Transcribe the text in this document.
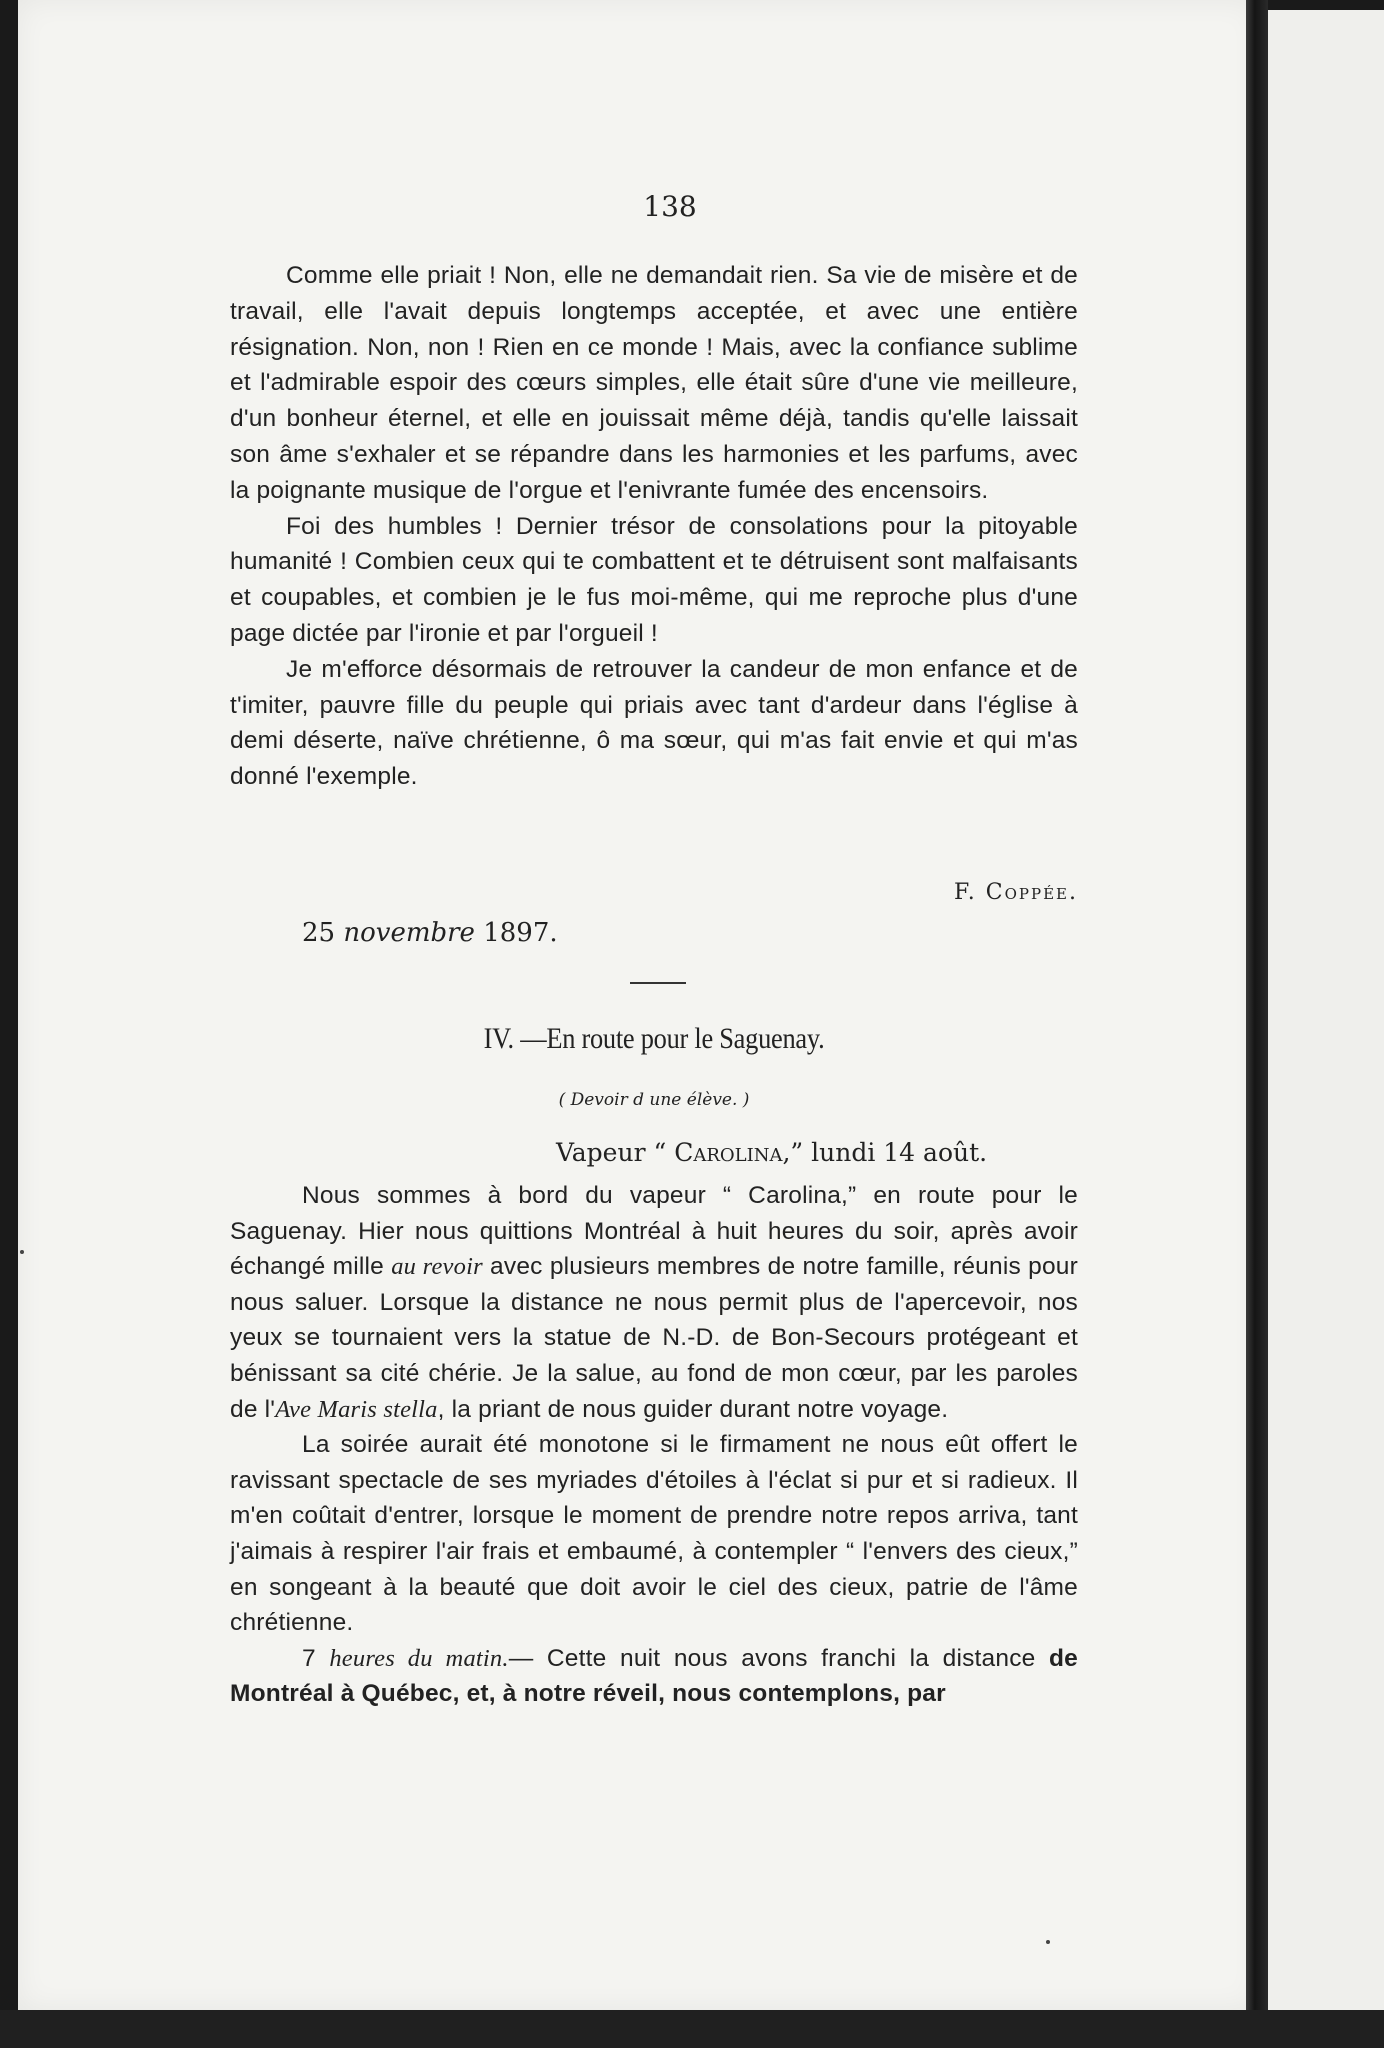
138

Comme elle priait ! Non, elle ne demandait rien. Sa vie de misère et de travail, elle l'avait depuis longtemps acceptée, et avec une entière résignation. Non, non ! Rien en ce monde ! Mais, avec la confiance sublime et l'admirable espoir des cœurs simples, elle était sûre d'une vie meilleure, d'un bonheur éternel, et elle en jouissait même déjà, tandis qu'elle laissait son âme s'exhaler et se répandre dans les harmonies et les parfums, avec la poignante musique de l'orgue et l'enivrante fumée des encensoirs.

Foi des humbles ! Dernier trésor de consolations pour la pitoyable humanité ! Combien ceux qui te combattent et te détruisent sont malfaisants et coupables, et combien je le fus moi-même, qui me reproche plus d'une page dictée par l'ironie et par l'orgueil !

Je m'efforce désormais de retrouver la candeur de mon enfance et de t'imiter, pauvre fille du peuple qui priais avec tant d'ardeur dans l'église à demi déserte, naïve chrétienne, ô ma sœur, qui m'as fait envie et qui m'as donné l'exemple.

F. Coppée.
25 novembre 1897.
IV. —En route pour le Saguenay.
( Devoir d une élève. )
Vapeur “ Carolina,” lundi 14 août.

Nous sommes à bord du vapeur “ Carolina,” en route pour le Saguenay. Hier nous quittions Montréal à huit heures du soir, après avoir échangé mille au revoir avec plusieurs membres de notre famille, réunis pour nous saluer. Lorsque la distance ne nous permit plus de l'apercevoir, nos yeux se tournaient vers la statue de N.-D. de Bon-Secours protégeant et bénissant sa cité chérie. Je la salue, au fond de mon cœur, par les paroles de l'Ave Maris stella, la priant de nous guider durant notre voyage.

La soirée aurait été monotone si le firmament ne nous eût offert le ravissant spectacle de ses myriades d'étoiles à l'éclat si pur et si radieux. Il m'en coûtait d'entrer, lorsque le moment de prendre notre repos arriva, tant j'aimais à respirer l'air frais et embaumé, à contempler “ l'envers des cieux,” en songeant à la beauté que doit avoir le ciel des cieux, patrie de l'âme chrétienne.

7 heures du matin.— Cette nuit nous avons franchi la distance de Montréal à Québec, et, à notre réveil, nous contemplons, par
